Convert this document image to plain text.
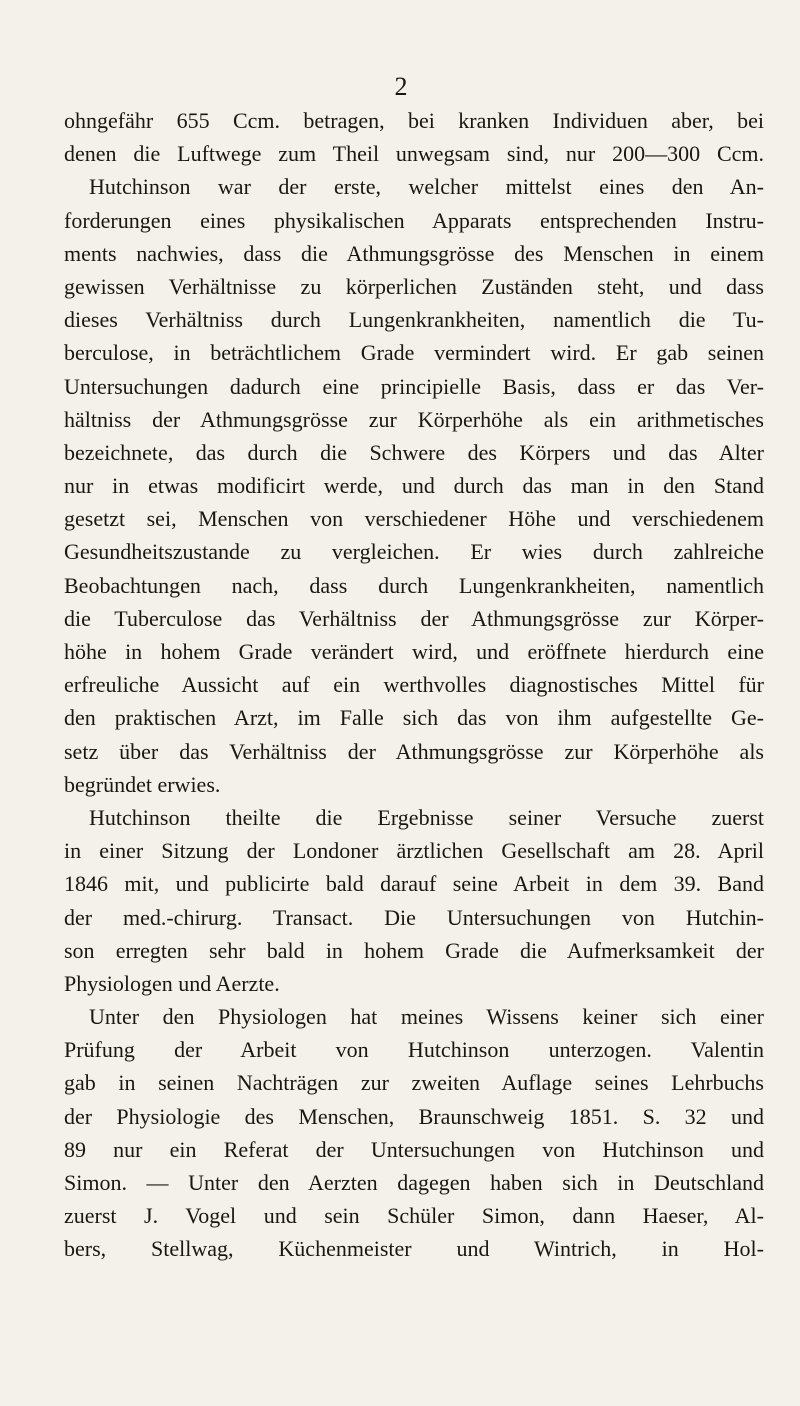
2
ohngefähr 655 Ccm. betragen, bei kranken Individuen aber, bei
denen die Luftwege zum Theil unwegsam sind, nur 200—300 Ccm.
Hutchinson war der erste, welcher mittelst eines den An-
forderungen eines physikalischen Apparats entsprechenden Instru-
ments nachwies, dass die Athmungsgrösse des Menschen in einem
gewissen Verhältnisse zu körperlichen Zuständen steht, und dass
dieses Verhältniss durch Lungenkrankheiten, namentlich die Tu-
berculose, in beträchtlichem Grade vermindert wird. Er gab seinen
Untersuchungen dadurch eine principielle Basis, dass er das Ver-
hältniss der Athmungsgrösse zur Körperhöhe als ein arithmetisches
bezeichnete, das durch die Schwere des Körpers und das Alter
nur in etwas modificirt werde, und durch das man in den Stand
gesetzt sei, Menschen von verschiedener Höhe und verschiedenem
Gesundheitszustande zu vergleichen. Er wies durch zahlreiche
Beobachtungen nach, dass durch Lungenkrankheiten, namentlich
die Tuberculose das Verhältniss der Athmungsgrösse zur Körper-
höhe in hohem Grade verändert wird, und eröffnete hierdurch eine
erfreuliche Aussicht auf ein werthvolles diagnostisches Mittel für
den praktischen Arzt, im Falle sich das von ihm aufgestellte Ge-
setz über das Verhältniss der Athmungsgrösse zur Körperhöhe als
begründet erwies.
Hutchinson theilte die Ergebnisse seiner Versuche zuerst
in einer Sitzung der Londoner ärztlichen Gesellschaft am 28. April
1846 mit, und publicirte bald darauf seine Arbeit in dem 39. Band
der med.-chirurg. Transact. Die Untersuchungen von Hutchin-
son erregten sehr bald in hohem Grade die Aufmerksamkeit der
Physiologen und Aerzte.
Unter den Physiologen hat meines Wissens keiner sich einer
Prüfung der Arbeit von Hutchinson unterzogen. Valentin
gab in seinen Nachträgen zur zweiten Auflage seines Lehrbuchs
der Physiologie des Menschen, Braunschweig 1851. S. 32 und
89 nur ein Referat der Untersuchungen von Hutchinson und
Simon. — Unter den Aerzten dagegen haben sich in Deutschland
zuerst J. Vogel und sein Schüler Simon, dann Haeser, Al-
bers, Stellwag, Küchenmeister und Wintrich, in Hol-
